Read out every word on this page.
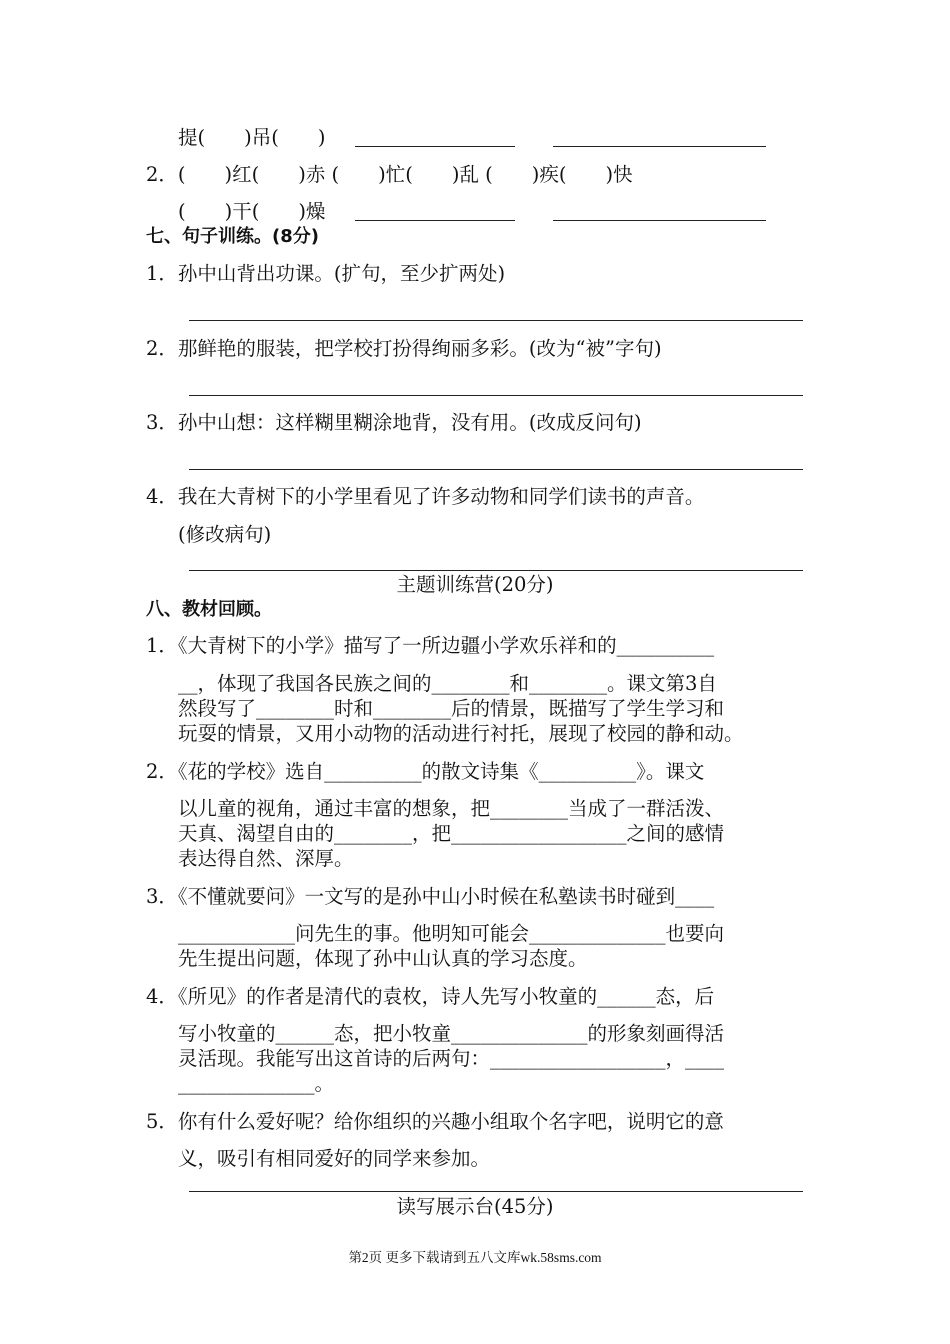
提(　　)吊(　　)
2．(　　)红(　　)赤 (　　)忙(　　)乱 (　　)疾(　　)快
(　　)干(　　)燥
七、句子训练。(8分)
1．孙中山背出功课。(扩句，至少扩两处)
2．那鲜艳的服装，把学校打扮得绚丽多彩。(改为“被”字句)
3．孙中山想：这样糊里糊涂地背，没有用。(改成反问句)
4．我在大青树下的小学里看见了许多动物和同学们读书的声音。
(修改病句)
主题训练营(20分)
八、教材回顾。
1．《大青树下的小学》描写了一所边疆小学欢乐祥和的__________
__，体现了我国各民族之间的________和________。课文第3自
然段写了________时和________后的情景，既描写了学生学习和
玩耍的情景，又用小动物的活动进行衬托，展现了校园的静和动。
2．《花的学校》选自__________的散文诗集《__________》。课文
以儿童的视角，通过丰富的想象，把________当成了一群活泼、
天真、渴望自由的________，把__________________之间的感情
表达得自然、深厚。
3．《不懂就要问》一文写的是孙中山小时候在私塾读书时碰到____
____________问先生的事。他明知可能会______________也要向
先生提出问题，体现了孙中山认真的学习态度。
4．《所见》的作者是清代的袁枚，诗人先写小牧童的______态，后
写小牧童的______态，把小牧童______________的形象刻画得活
灵活现。我能写出这首诗的后两句：__________________，____
______________。
5．你有什么爱好呢？给你组织的兴趣小组取个名字吧，说明它的意
义，吸引有相同爱好的同学来参加。
读写展示台(45分)
第2页 更多下载请到五八文库wk.58sms.com
